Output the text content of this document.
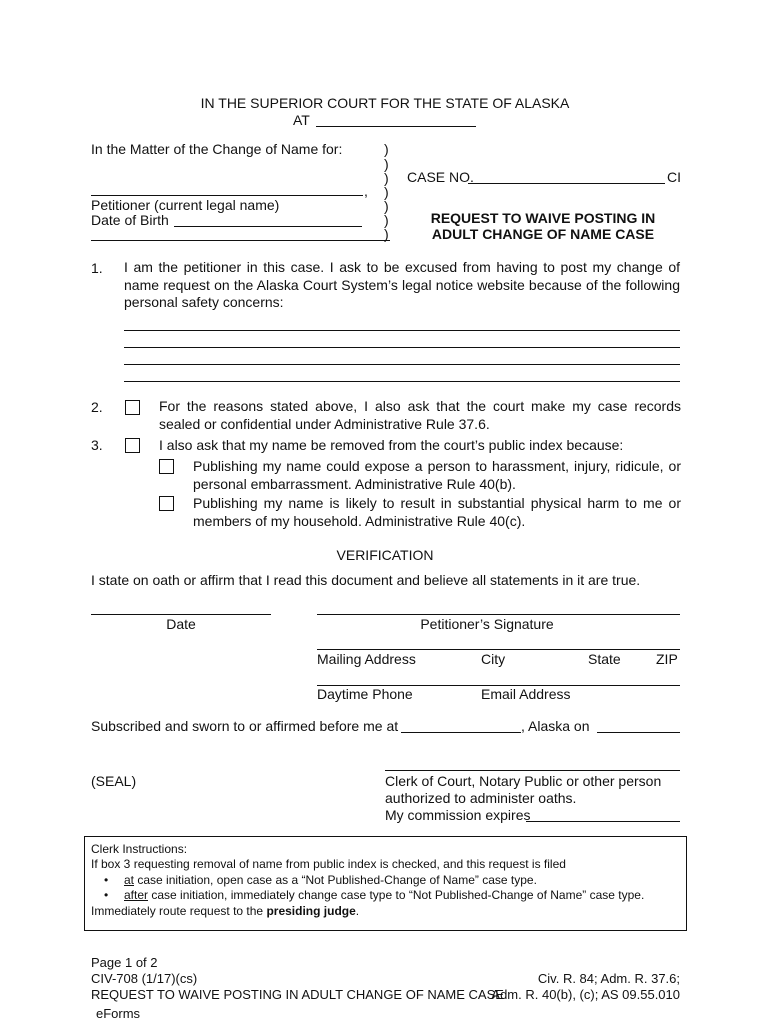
IN THE SUPERIOR COURT FOR THE STATE OF ALASKA
AT
In the Matter of the Change of Name for:
,
Petitioner (current legal name)
Date of Birth
)
)
)
)
)
)
)
CASE NO.	CI
REQUEST TO WAIVE POSTING IN
ADULT CHANGE OF NAME CASE
1. I am the petitioner in this case. I ask to be excused from having to post my change of name request on the Alaska Court System’s legal notice website because of the following personal safety concerns:
2.	For the reasons stated above, I also ask that the court make my case records sealed or confidential under Administrative Rule 37.6.
3.	I also ask that my name be removed from the court’s public index because:
Publishing my name could expose a person to harassment, injury, ridicule, or personal embarrassment. Administrative Rule 40(b).
Publishing my name is likely to result in substantial physical harm to me or members of my household. Administrative Rule 40(c).
VERIFICATION
I state on oath or affirm that I read this document and believe all statements in it are true.
Date	Petitioner’s Signature
Mailing Address	City	State	ZIP
Daytime Phone	Email Address
Subscribed and sworn to or affirmed before me at	, Alaska on
(SEAL)	Clerk of Court, Notary Public or other person
authorized to administer oaths.
My commission expires
Clerk Instructions:
If box 3 requesting removal of name from public index is checked, and this request is filed
• at case initiation, open case as a “Not Published-Change of Name” case type.
• after case initiation, immediately change case type to “Not Published-Change of Name” case type.
Immediately route request to the presiding judge.
Page 1 of 2
CIV-708 (1/17)(cs)
REQUEST TO WAIVE POSTING IN ADULT CHANGE OF NAME CASE
Civ. R. 84; Adm. R. 37.6;
Adm. R. 40(b), (c); AS 09.55.010
eForms
